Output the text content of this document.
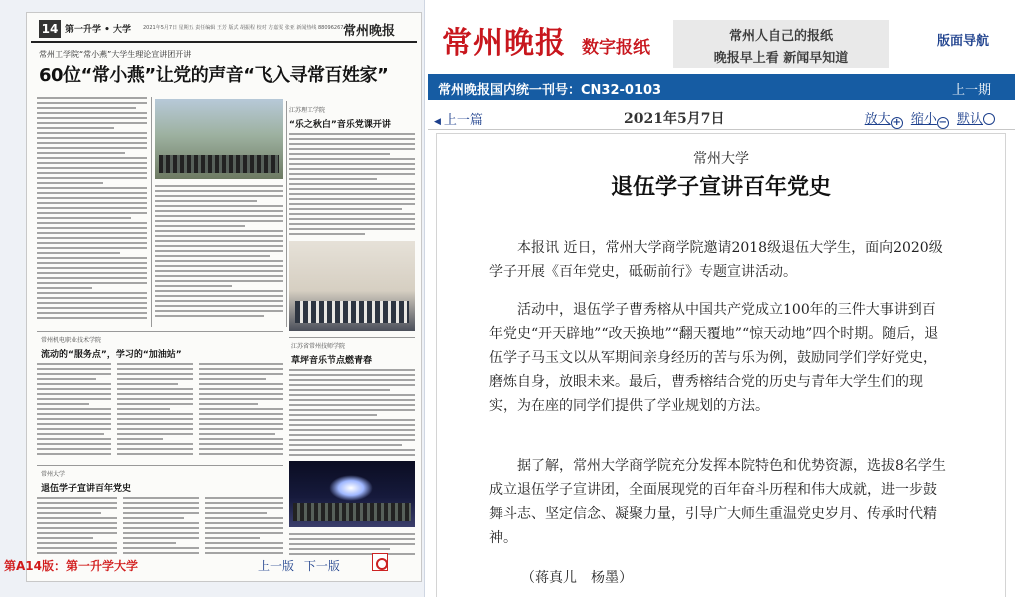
14 第一升学 • 大学 2021年5月7日 星期五 责任编辑 王芳 版式 胡振程 校对 方嘉雯 张亚 新闻热线 88096267 常州晚报
常州工学院“常小燕”大学生理论宣讲团开讲
60位“常小燕”让党的声音“飞入寻常百姓家”
江苏理工学院
“乐之秋白”音乐党课开讲
常州机电职业技术学院
流动的“服务点”，学习的“加油站”
江苏省常州技师学院
草坪音乐节点燃青春
常州大学
退伍学子宣讲百年党史
第A14版：第一升学大学	上一版 下一版
常州晚报 数字报纸
常州人自己的报纸
晚报早上看 新闻早知道
版面导航
常州晚报国内统一刊号：CN32-0103	上一期
◀ 上一篇	2021年5月7日	放大 + 缩小 − 默认
常州大学
退伍学子宣讲百年党史

本报讯 近日，常州大学商学院邀请2018级退伍大学生，面向2020级学子开展《百年党史，砥砺前行》专题宣讲活动。

活动中，退伍学子曹秀榕从中国共产党成立100年的三件大事讲到百年党史“开天辟地”“改天换地”“翻天覆地”“惊天动地”四个时期。随后，退伍学子马玉文以从军期间亲身经历的苦与乐为例，鼓励同学们学好党史，磨炼自身，放眼未来。最后，曹秀榕结合党的历史与青年大学生们的现实，为在座的同学们提供了学业规划的方法。

据了解，常州大学商学院充分发挥本院特色和优势资源，选拔8名学生成立退伍学子宣讲团，全面展现党的百年奋斗历程和伟大成就，进一步鼓舞斗志、坚定信念、凝聚力量，引导广大师生重温党史岁月、传承时代精神。

（蒋真儿　杨墨）
